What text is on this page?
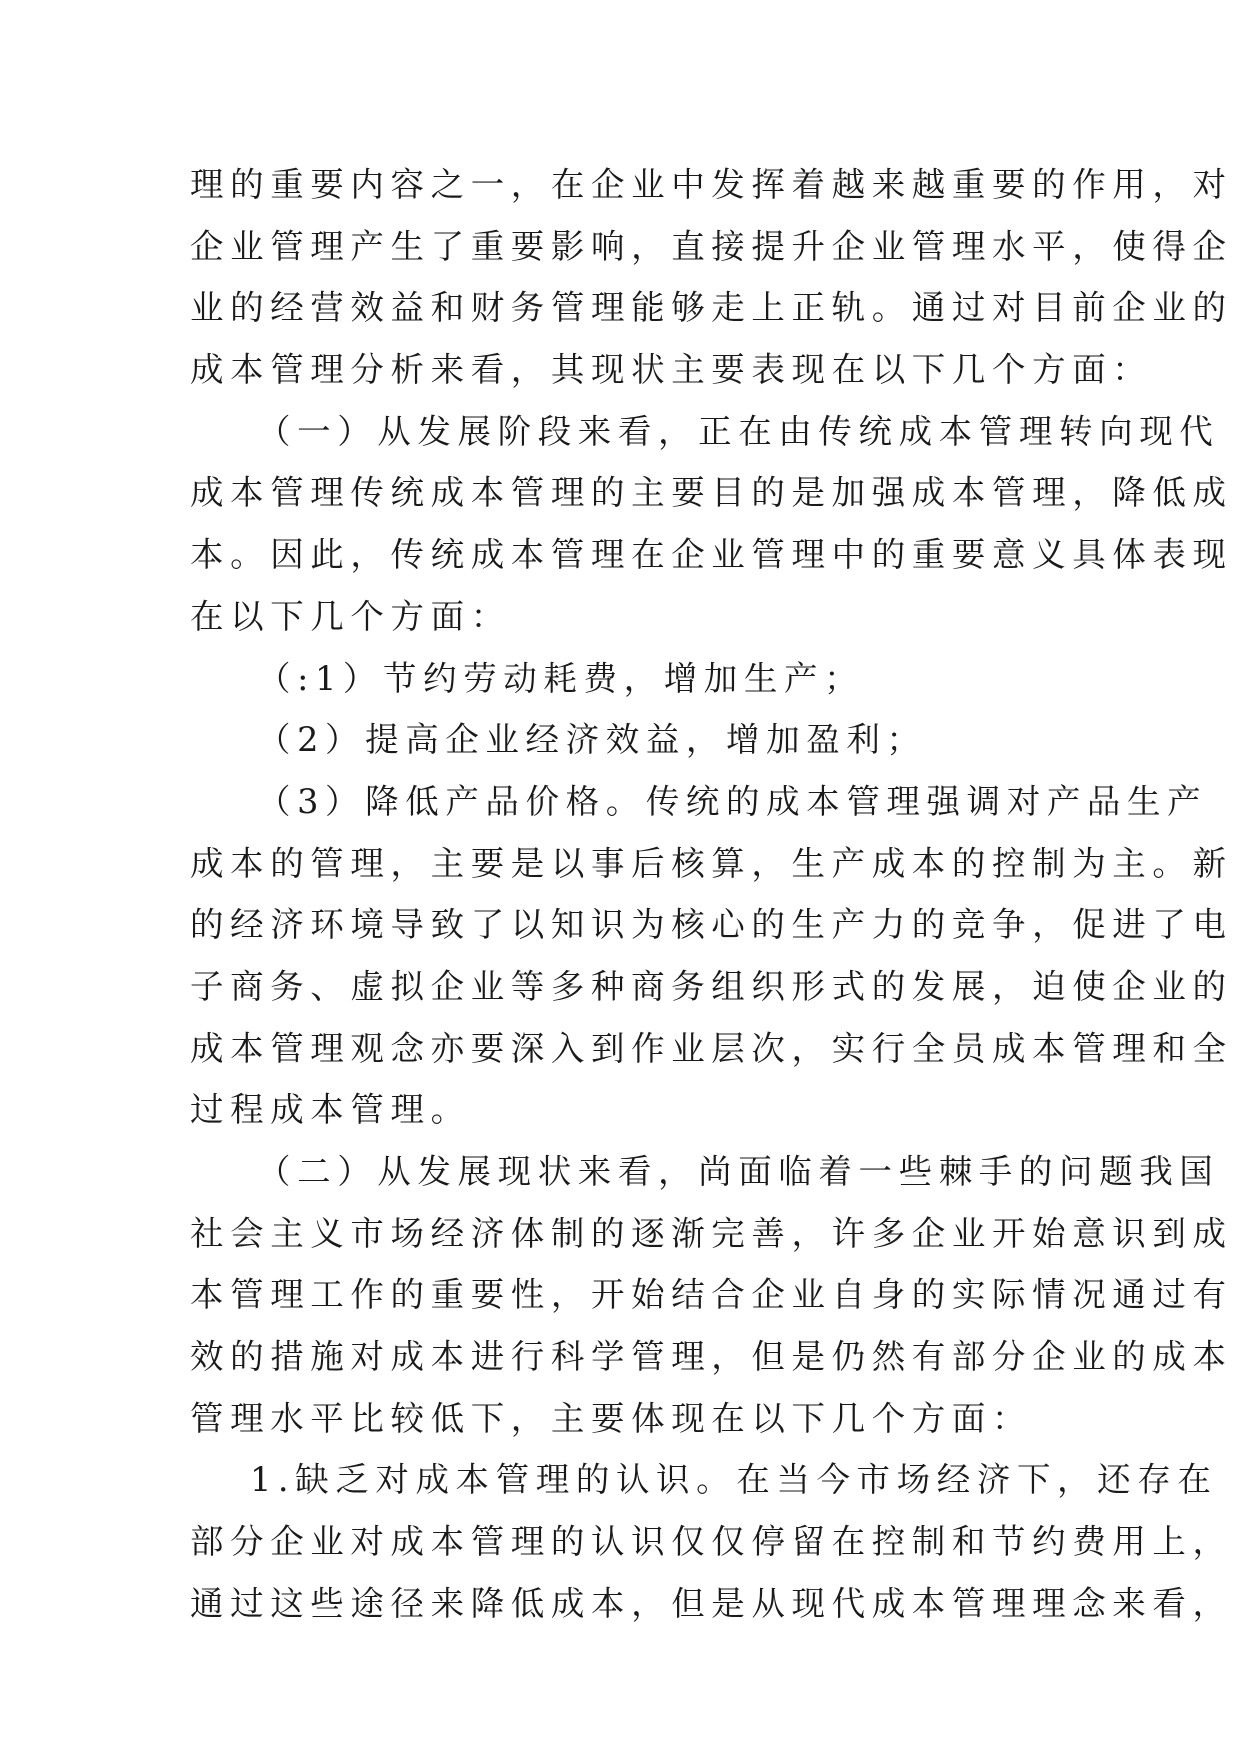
理的重要内容之一，在企业中发挥着越来越重要的作用，对
企业管理产生了重要影响，直接提升企业管理水平，使得企
业的经营效益和财务管理能够走上正轨。通过对目前企业的
成本管理分析来看，其现状主要表现在以下几个方面：
（一）从发展阶段来看，正在由传统成本管理转向现代
成本管理传统成本管理的主要目的是加强成本管理，降低成
本。因此，传统成本管理在企业管理中的重要意义具体表现
在以下几个方面：
（:1）节约劳动耗费，增加生产；
（2）提高企业经济效益，增加盈利；
（3）降低产品价格。传统的成本管理强调对产品生产
成本的管理，主要是以事后核算，生产成本的控制为主。新
的经济环境导致了以知识为核心的生产力的竞争，促进了电
子商务、虚拟企业等多种商务组织形式的发展，迫使企业的
成本管理观念亦要深入到作业层次，实行全员成本管理和全
过程成本管理。
（二）从发展现状来看，尚面临着一些棘手的问题我国
社会主义市场经济体制的逐渐完善，许多企业开始意识到成
本管理工作的重要性，开始结合企业自身的实际情况通过有
效的措施对成本进行科学管理，但是仍然有部分企业的成本
管理水平比较低下，主要体现在以下几个方面：
1.缺乏对成本管理的认识。在当今市场经济下，还存在
部分企业对成本管理的认识仅仅停留在控制和节约费用上，
通过这些途径来降低成本，但是从现代成本管理理念来看，
